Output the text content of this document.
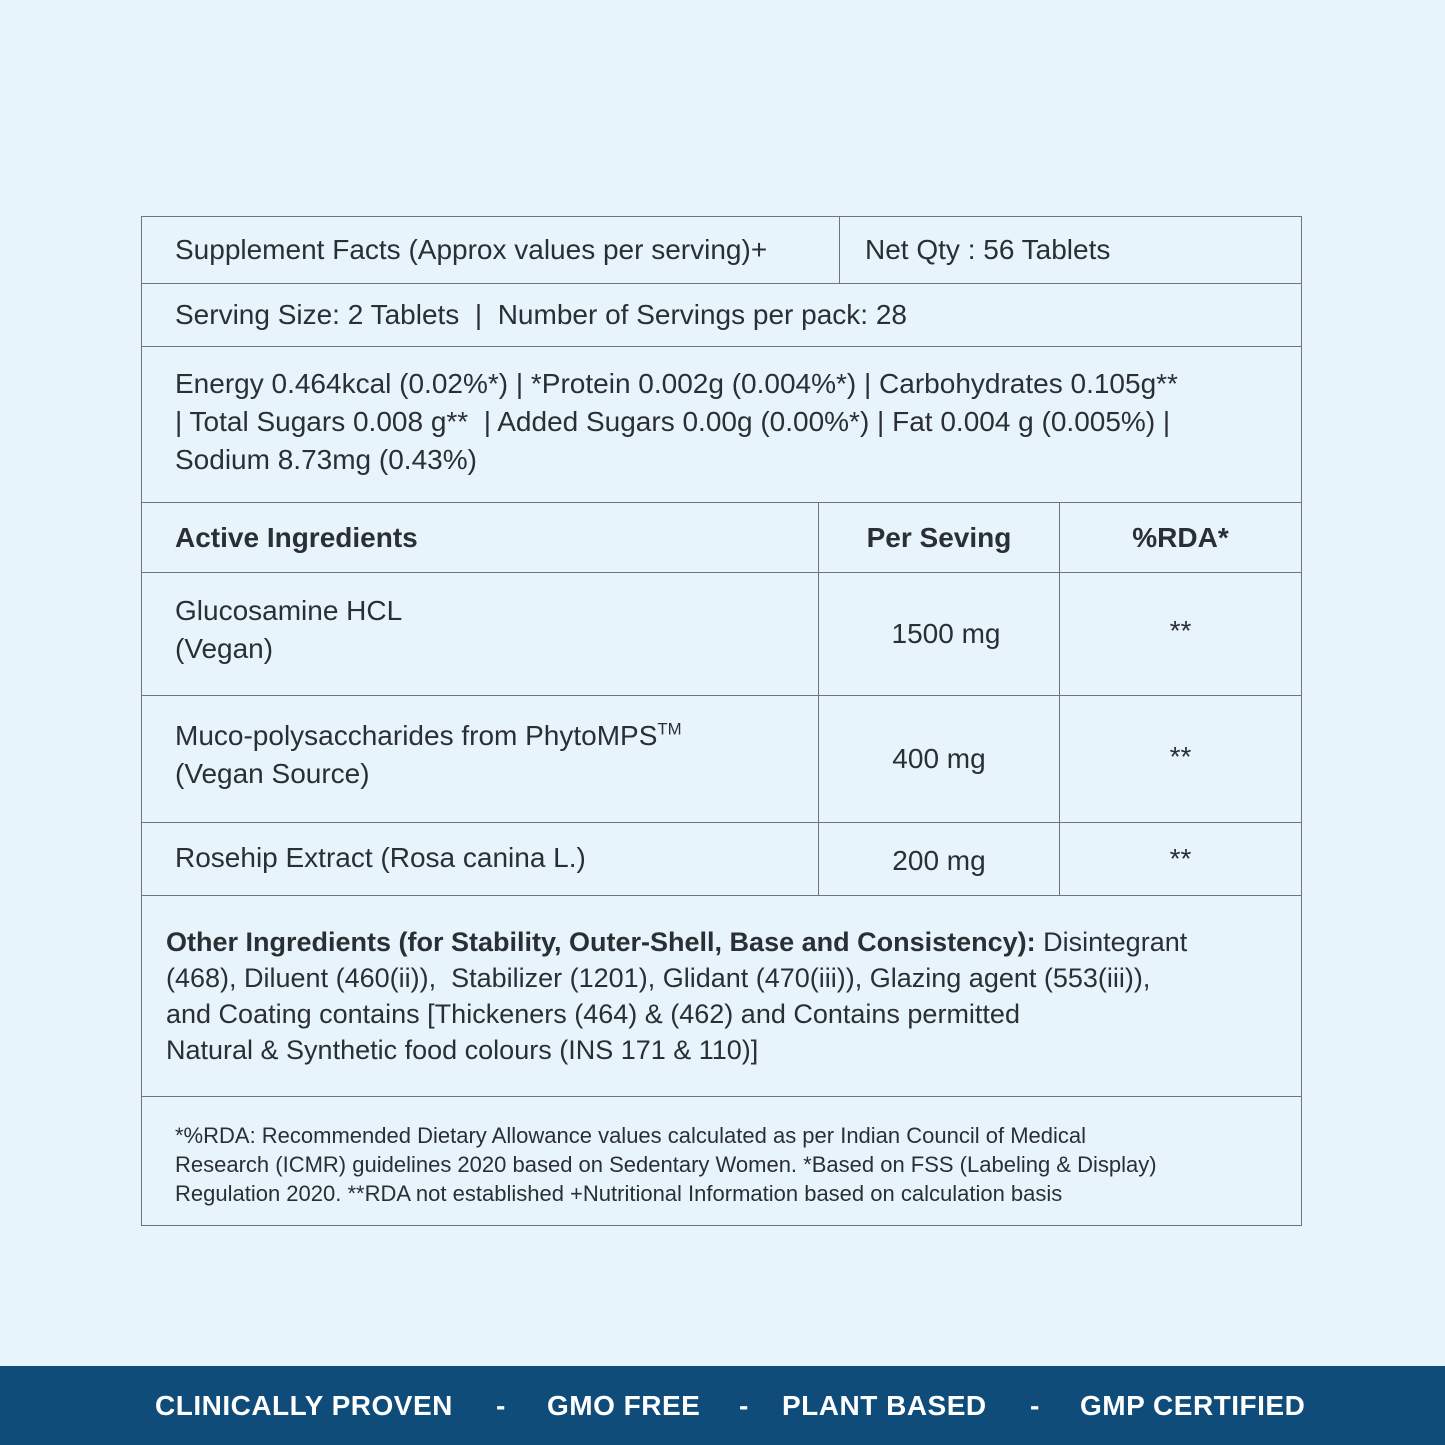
Supplement Facts (Approx values per serving)+	Net Qty : 56 Tablets
Serving Size: 2 Tablets  |  Number of Servings per pack: 28
Energy 0.464kcal (0.02%*) | *Protein 0.002g (0.004%*) | Carbohydrates 0.105g**
| Total Sugars 0.008 g**  | Added Sugars 0.00g (0.00%*) | Fat 0.004 g (0.005%) |
Sodium 8.73mg (0.43%)
Active Ingredients	Per Seving	%RDA*
Glucosamine HCL
(Vegan)	1500 mg	**
Muco-polysaccharides from PhytoMPS™
(Vegan Source)	400 mg	**
Rosehip Extract (Rosa canina L.)	200 mg	**
Other Ingredients (for Stability, Outer-Shell, Base and Consistency): Disintegrant
(468), Diluent (460(ii)),  Stabilizer (1201), Glidant (470(iii)), Glazing agent (553(iii)),
and Coating contains [Thickeners (464) & (462) and Contains permitted
Natural & Synthetic food colours (INS 171 & 110)]
*%RDA: Recommended Dietary Allowance values calculated as per Indian Council of Medical
Research (ICMR) guidelines 2020 based on Sedentary Women. *Based on FSS (Labeling & Display)
Regulation 2020. **RDA not established +Nutritional Information based on calculation basis
CLINICALLY PROVEN - GMO FREE - PLANT BASED - GMP CERTIFIED
